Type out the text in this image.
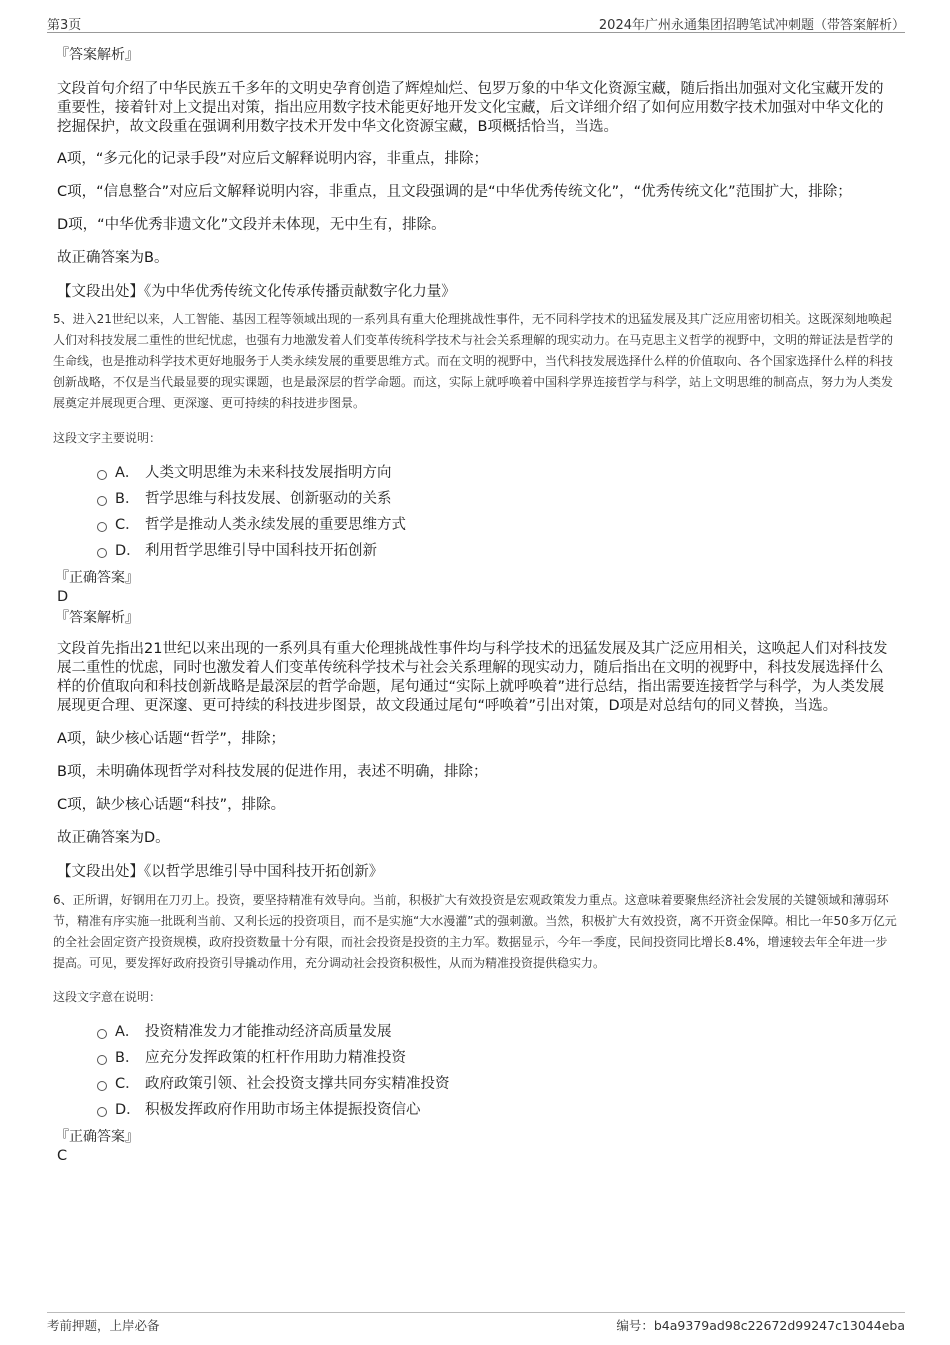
第3页	2024年广州永通集团招聘笔试冲刺题（带答案解析）
『答案解析』

文段首句介绍了中华民族五千多年的文明史孕育创造了辉煌灿烂、包罗万象的中华文化资源宝藏，随后指出加强对文化宝藏开发的重要性，接着针对上文提出对策，指出应用数字技术能更好地开发文化宝藏，后文详细介绍了如何应用数字技术加强对中华文化的挖掘保护，故文段重在强调利用数字技术开发中华文化资源宝藏，B项概括恰当，当选。

A项，“多元化的记录手段”对应后文解释说明内容，非重点，排除；

C项，“信息整合”对应后文解释说明内容，非重点，且文段强调的是“中华优秀传统文化”，“优秀传统文化”范围扩大，排除；

D项，“中华优秀非遗文化”文段并未体现，无中生有，排除。

故正确答案为B。

【文段出处】《为中华优秀传统文化传承传播贡献数字化力量》

5、进入21世纪以来，人工智能、基因工程等领域出现的一系列具有重大伦理挑战性事件，无不同科学技术的迅猛发展及其广泛应用密切相关。这既深刻地唤起人们对科技发展二重性的世纪忧虑，也强有力地激发着人们变革传统科学技术与社会关系理解的现实动力。在马克思主义哲学的视野中，文明的辩证法是哲学的生命线，也是推动科学技术更好地服务于人类永续发展的重要思维方式。而在文明的视野中，当代科技发展选择什么样的价值取向、各个国家选择什么样的科技创新战略，不仅是当代最显要的现实课题，也是最深层的哲学命题。而这，实际上就呼唤着中国科学界连接哲学与科学，站上文明思维的制高点，努力为人类发展奠定并展现更合理、更深邃、更可持续的科技进步图景。

这段文字主要说明：

A． 人类文明思维为未来科技发展指明方向
B． 哲学思维与科技发展、创新驱动的关系
C． 哲学是推动人类永续发展的重要思维方式
D． 利用哲学思维引导中国科技开拓创新
『正确答案』
D
『答案解析』

文段首先指出21世纪以来出现的一系列具有重大伦理挑战性事件均与科学技术的迅猛发展及其广泛应用相关，这唤起人们对科技发展二重性的忧虑，同时也激发着人们变革传统科学技术与社会关系理解的现实动力，随后指出在文明的视野中，科技发展选择什么样的价值取向和科技创新战略是最深层的哲学命题，尾句通过“实际上就呼唤着”进行总结，指出需要连接哲学与科学，为人类发展展现更合理、更深邃、更可持续的科技进步图景，故文段通过尾句“呼唤着”引出对策，D项是对总结句的同义替换，当选。

A项，缺少核心话题“哲学”，排除；

B项，未明确体现哲学对科技发展的促进作用，表述不明确，排除；

C项，缺少核心话题“科技”，排除。

故正确答案为D。

【文段出处】《以哲学思维引导中国科技开拓创新》

6、正所谓，好钢用在刀刃上。投资，要坚持精准有效导向。当前，积极扩大有效投资是宏观政策发力重点。这意味着要聚焦经济社会发展的关键领域和薄弱环节，精准有序实施一批既利当前、又利长远的投资项目，而不是实施“大水漫灌”式的强刺激。当然，积极扩大有效投资，离不开资金保障。相比一年50多万亿元的全社会固定资产投资规模，政府投资数量十分有限，而社会投资是投资的主力军。数据显示，今年一季度，民间投资同比增长8.4%，增速较去年全年进一步提高。可见，要发挥好政府投资引导撬动作用，充分调动社会投资积极性，从而为精准投资提供稳实力。

这段文字意在说明：

A． 投资精准发力才能推动经济高质量发展
B． 应充分发挥政策的杠杆作用助力精准投资
C． 政府政策引领、社会投资支撑共同夯实精准投资
D． 积极发挥政府作用助市场主体提振投资信心
『正确答案』
C
考前押题，上岸必备	编号：b4a9379ad98c22672d99247c13044eba
